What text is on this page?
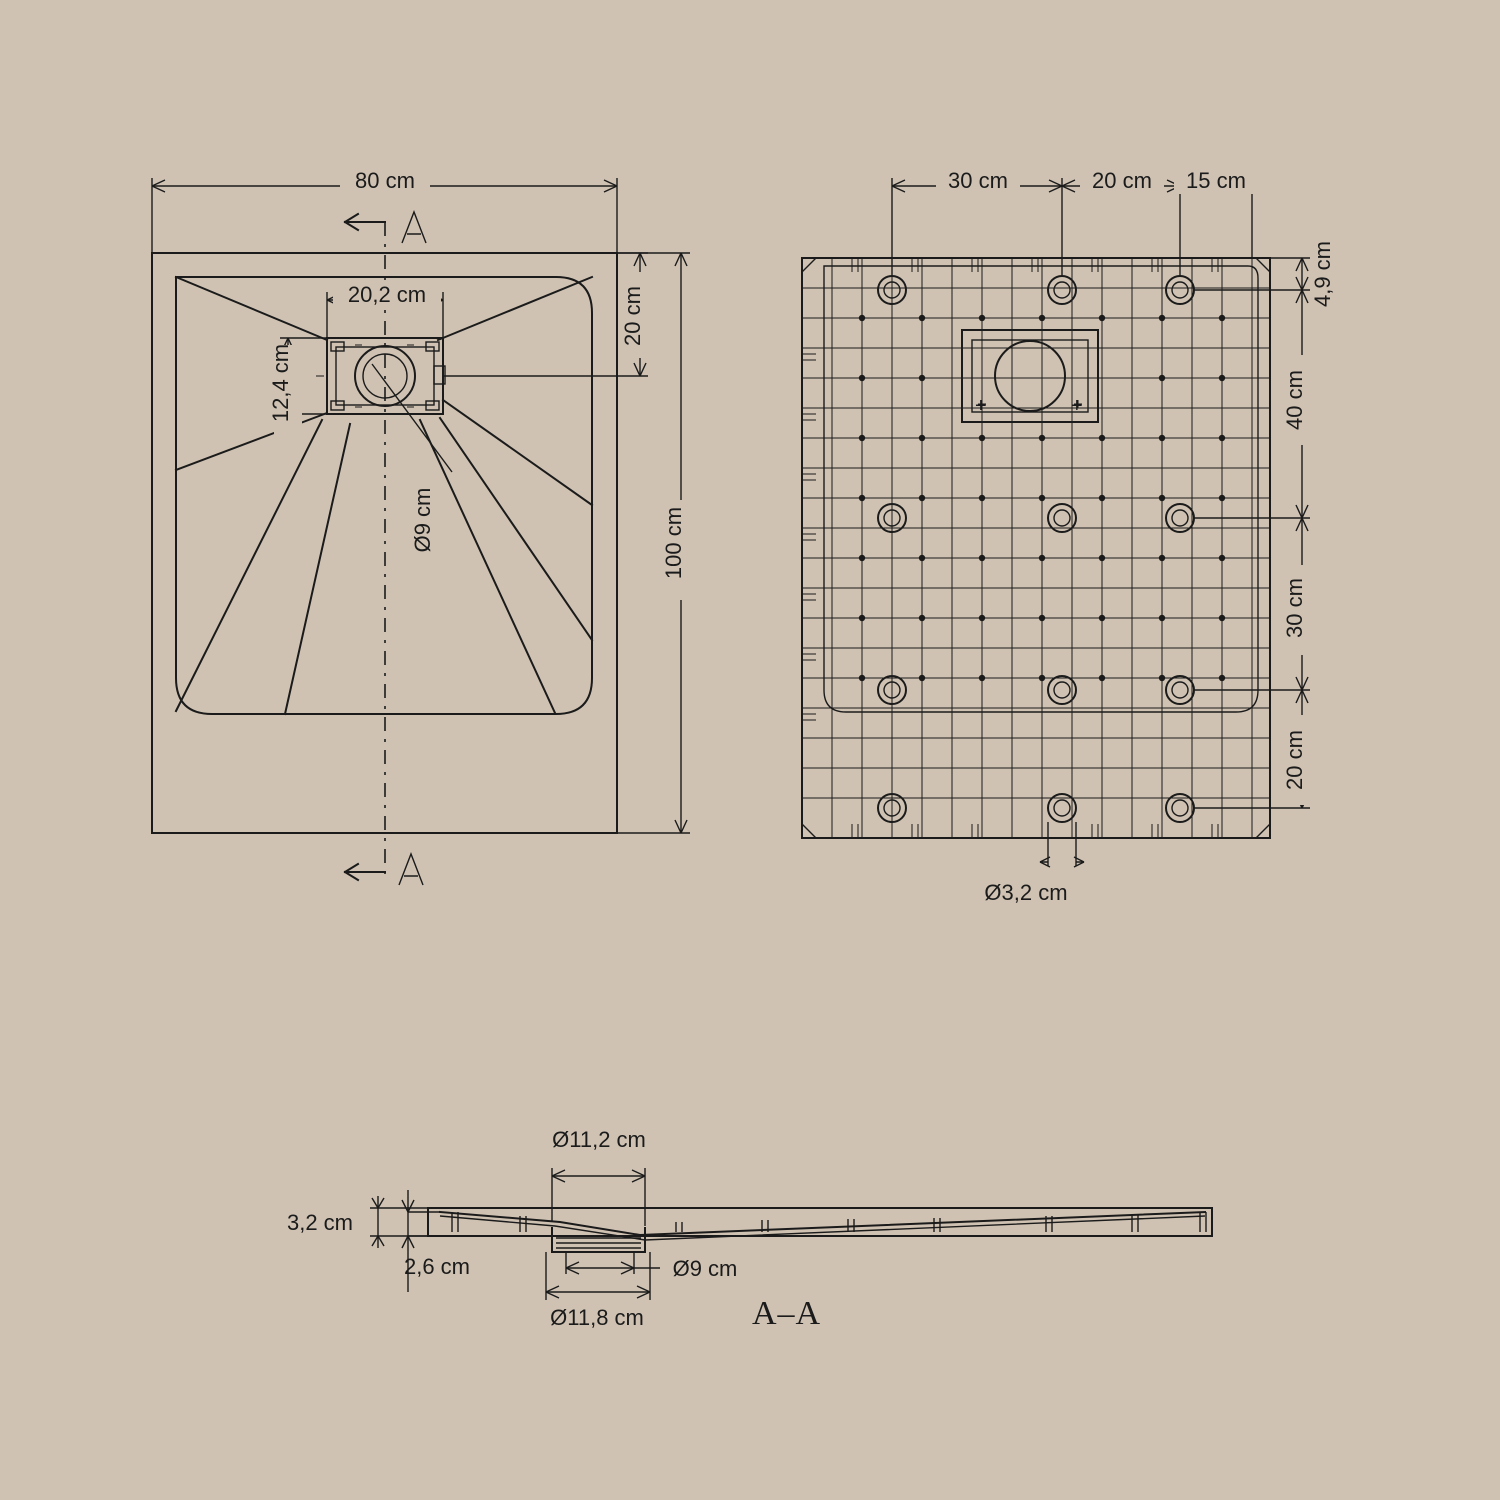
80 cm
100 cm
20 cm
20,2 cm
12,4 cm
Ø9 cm
30 cm	20 cm 15 cm
4,9 cm
40 cm
30 cm
20 cm
Ø3,2 cm
Ø11,2 cm
Ø9 cm
Ø11,8 cm
3,2 cm
2,6 cm
A–A
+	+
